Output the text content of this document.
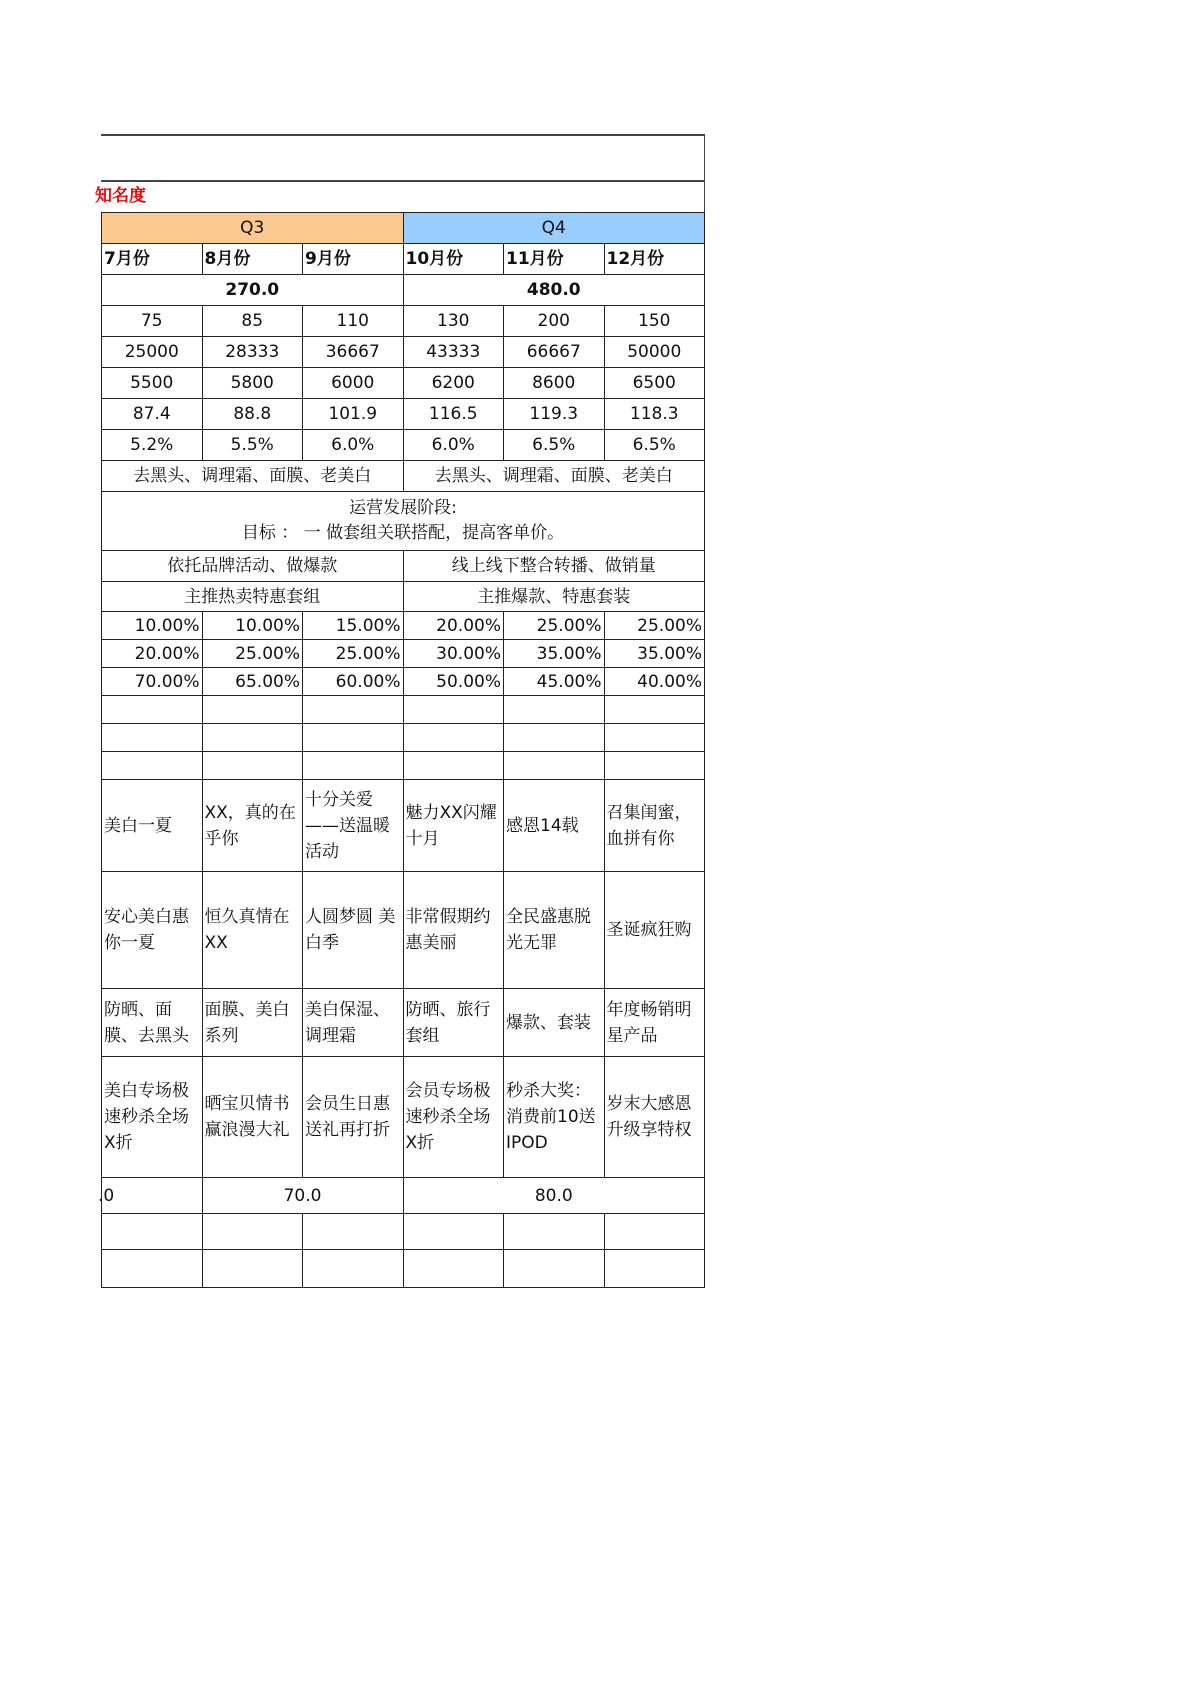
知名度
Q3			Q4		
7月份	8月份	9月份	10月份	11月份	12月份
270.0			480.0		
75	85	110	130	200	150
25000	28333	36667	43333	66667	50000
5500	5800	6000	6200	8600	6500
87.4	88.8	101.9	116.5	119.3	118.3
5.2%	5.5%	6.0%	6.0%	6.5%	6.5%
去黑头、调理霜、面膜、老美白			去黑头、调理霜、面膜、老美白		

运营发展阶段:
目标 ： 一 做套组关联搭配，提高客单价。					

依托品牌活动、做爆款			线上线下整合转播、做销量		
主推热卖特惠套组			主推爆款、特惠套装		
10.00%	10.00%	15.00%	20.00%	25.00%	25.00%
20.00%	25.00%	25.00%	30.00%	35.00%	35.00%
70.00%	65.00%	60.00%	50.00%	45.00%	40.00%

美白一夏	XX，真的在乎你	十分关爱——送温暖活动	魅力XX闪耀十月	感恩14载	召集闺蜜，血拼有你
安心美白惠你一夏	恒久真情在XX	人圆梦圆 美白季	非常假期约惠美丽	全民盛惠脱光无罪	圣诞疯狂购
防晒、面膜、去黑头	面膜、美白系列	美白保湿、调理霜	防晒、旅行套组	爆款、套装	年度畅销明星产品
美白专场极速秒杀全场X折	晒宝贝情书赢浪漫大礼	会员生日惠送礼再打折	会员专场极速秒杀全场X折	秒杀大奖：消费前10送IPOD	岁末大感恩升级享特权
.0	70.0		80.0		
